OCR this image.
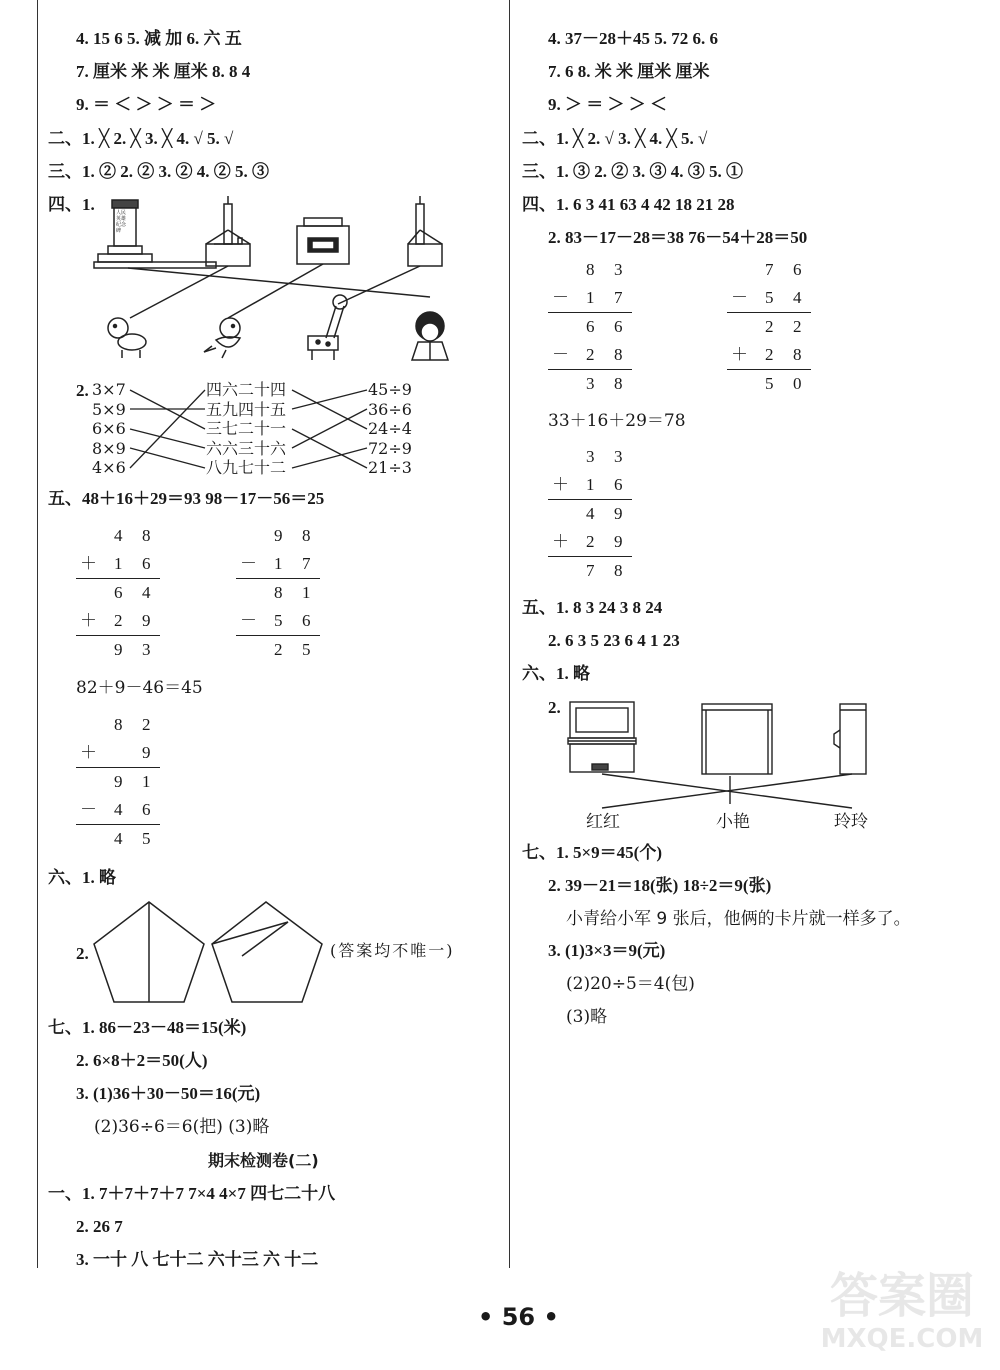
4. 15 6 5. 减 加 6. 六 五
7. 厘米 米 米 厘米 8. 8 4
9. ＝ ＜ ＞ ＞ ＝ ＞
二、1. ╳ 2. ╳ 3. ╳ 4. √ 5. √
三、1. ② 2. ② 3. ② 4. ② 5. ③
四、1.	人民英雄纪念碑
2. 3×7
5×9
6×6
8×9
4×6
四六二十四
五九四十五
三七二十一
六六三十六
八九七十二
45÷9
36÷6
24÷4
72÷9
21÷3
五、48＋16＋29＝93 98－17－56＝25
4 8
＋ 1 6
6 4
＋ 2 9
9 3
9 8
－ 1 7
8 1
－ 5 6
2 5
82＋9－46＝45
8 2
＋	9
9 1
－ 4 6
4 5
六、1. 略
2.	(答案均不唯一)
七、1. 86－23－48＝15(米)
2. 6×8＋2＝50(人)
3. (1)36＋30－50＝16(元)
(2)36÷6＝6(把) (3)略
期末检测卷(二)
一、1. 7＋7＋7＋7 7×4 4×7 四七二十八
2. 26 7
3. 一十 八 七十二 六十三 六 十二
4. 37－28＋45 5. 72 6. 6
7. 6 8. 米 米 厘米 厘米
9. ＞ ＝ ＞ ＞ ＜
二、1. ╳ 2. √ 3. ╳ 4. ╳ 5. √
三、1. ③ 2. ② 3. ③ 4. ③ 5. ①
四、1. 6 3 41 63 4 42 18 21 28
2. 83－17－28＝38 76－54＋28＝50
8 3
－ 1 7
6 6
－ 2 8
3 8
7 6
－ 5 4
2 2
＋ 2 8
5 0
33＋16＋29＝78
3 3
＋ 1 6
4 9
＋ 2 9
7 8
五、1. 8 3 24 3 8 24
2. 6 3 5 23 6 4 1 23
六、1. 略
2.
红红	小艳	玲玲
七、1. 5×9＝45(个)
2. 39－21＝18(张) 18÷2＝9(张)
小青给小军 9 张后，他俩的卡片就一样多了。
3. (1)3×3＝9(元)
(2)20÷5＝4(包)
(3)略
• 56 •	答案圈
MXQE.COM
